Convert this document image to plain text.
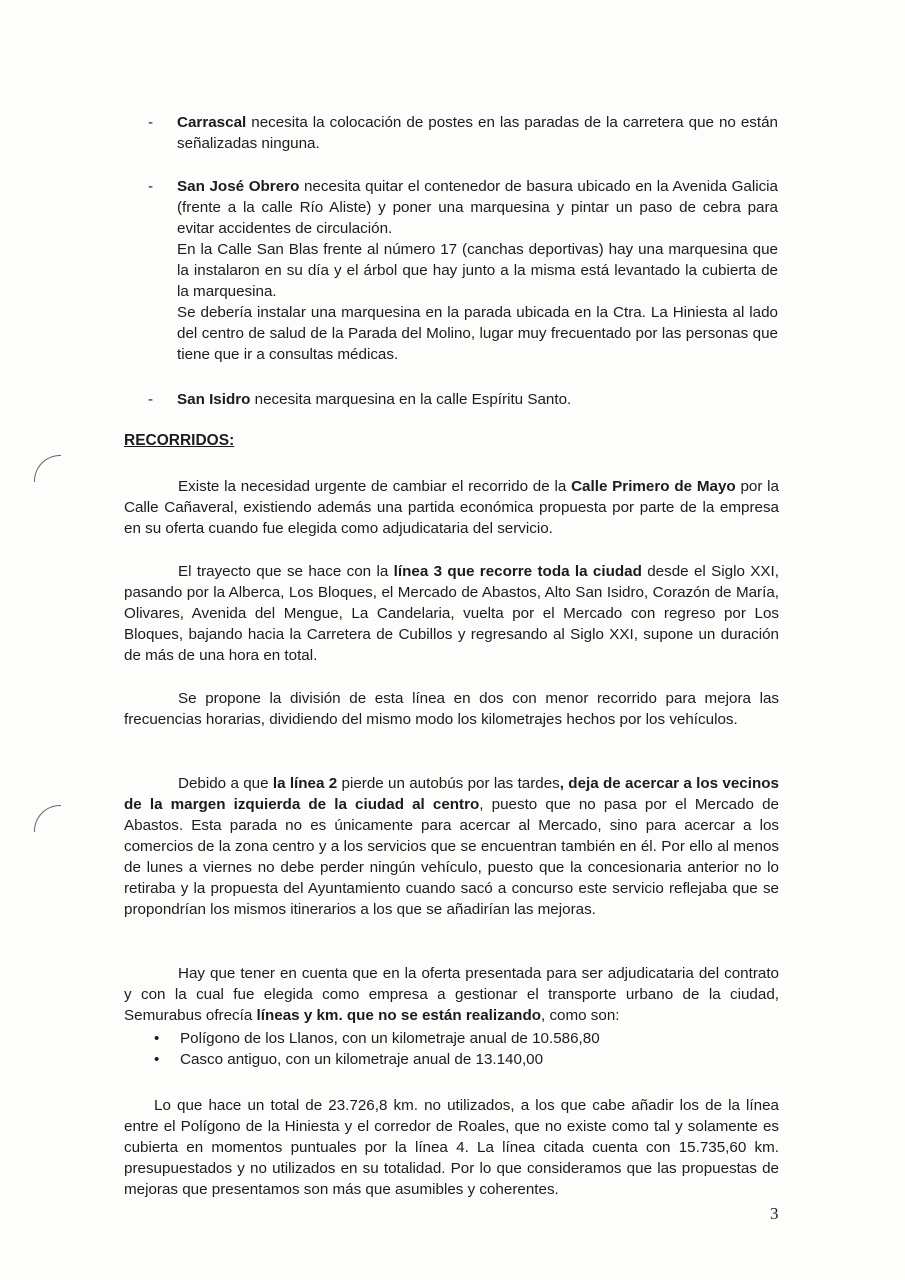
- Carrascal necesita la colocación de postes en las paradas de la carretera que no están señalizadas ninguna.

- San José Obrero necesita quitar el contenedor de basura ubicado en la Avenida Galicia (frente a la calle Río Aliste) y poner una marquesina y pintar un paso de cebra para evitar accidentes de circulación.

En la Calle San Blas frente al número 17 (canchas deportivas) hay una marquesina que la instalaron en su día y el árbol que hay junto a la misma está levantado la cubierta de la marquesina.

Se debería instalar una marquesina en la parada ubicada en la Ctra. La Hiniesta al lado del centro de salud de la Parada del Molino, lugar muy frecuentado por las personas que tiene que ir a consultas médicas.

- San Isidro necesita marquesina en la calle Espíritu Santo.

RECORRIDOS:

Existe la necesidad urgente de cambiar el recorrido de la Calle Primero de Mayo por la Calle Cañaveral, existiendo además una partida económica propuesta por parte de la empresa en su oferta cuando fue elegida como adjudicataria del servicio.

El trayecto que se hace con la línea 3 que recorre toda la ciudad desde el Siglo XXI, pasando por la Alberca, Los Bloques, el Mercado de Abastos, Alto San Isidro, Corazón de María, Olivares, Avenida del Mengue, La Candelaria, vuelta por el Mercado con regreso por Los Bloques, bajando hacia la Carretera de Cubillos y regresando al Siglo XXI, supone un duración de más de una hora en total.

Se propone la división de esta línea en dos con menor recorrido para mejora las frecuencias horarias, dividiendo del mismo modo los kilometrajes hechos por los vehículos.

Debido a que la línea 2 pierde un autobús por las tardes, deja de acercar a los vecinos de la margen izquierda de la ciudad al centro, puesto que no pasa por el Mercado de Abastos. Esta parada no es únicamente para acercar al Mercado, sino para acercar a los comercios de la zona centro y a los servicios que se encuentran también en él. Por ello al menos de lunes a viernes no debe perder ningún vehículo, puesto que la concesionaria anterior no lo retiraba y la propuesta del Ayuntamiento cuando sacó a concurso este servicio reflejaba que se propondrían los mismos itinerarios a los que se añadirían las mejoras.

Hay que tener en cuenta que en la oferta presentada para ser adjudicataria del contrato y con la cual fue elegida como empresa a gestionar el transporte urbano de la ciudad, Semurabus ofrecía líneas y km. que no se están realizando, como son:

• Polígono de los Llanos, con un kilometraje anual de 10.586,80
• Casco antiguo, con un kilometraje anual de 13.140,00

Lo que hace un total de 23.726,8 km. no utilizados, a los que cabe añadir los de la línea entre el Polígono de la Hiniesta y el corredor de Roales, que no existe como tal y solamente es cubierta en momentos puntuales por la línea 4. La línea citada cuenta con 15.735,60 km. presupuestados y no utilizados en su totalidad. Por lo que consideramos que las propuestas de mejoras que presentamos son más que asumibles y coherentes.

3
